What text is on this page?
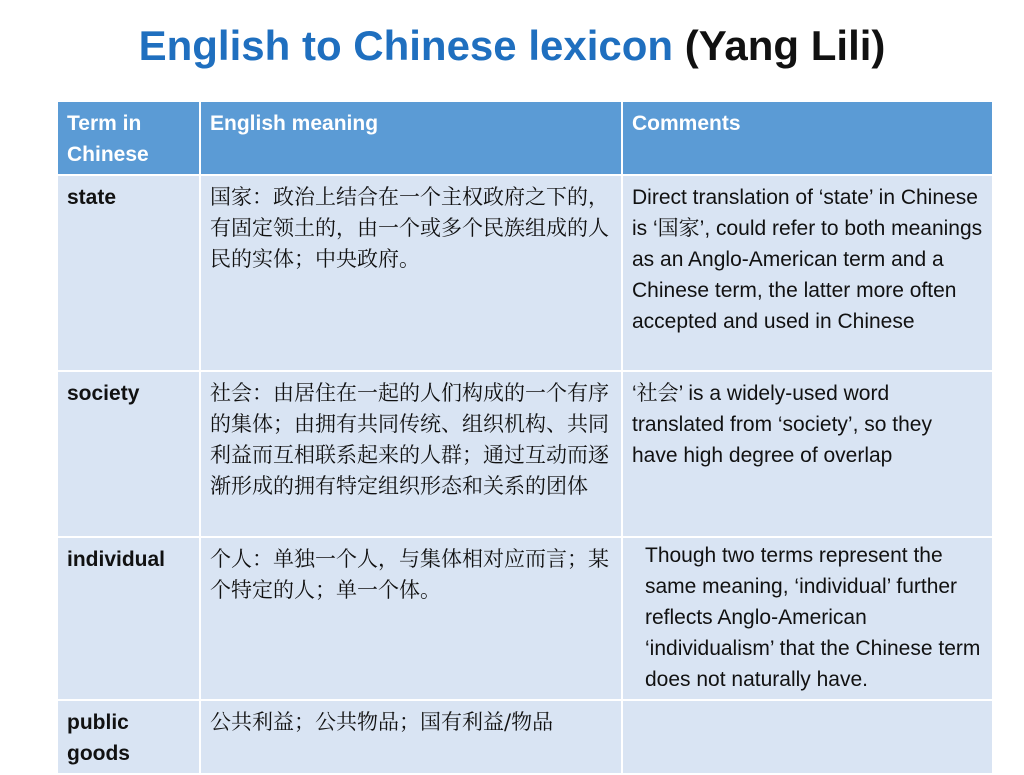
English to Chinese lexicon (Yang Lili)
Term in Chinese	English meaning	Comments
state	国家：政治上结合在一个主权政府之下的，有固定领土的，由一个或多个民族组成的人民的实体；中央政府。	Direct translation of ‘state’ in Chinese is ‘国家’, could refer to both meanings as an Anglo-American term and a Chinese term, the latter more often accepted and used in Chinese
society	社会：由居住在一起的人们构成的一个有序的集体；由拥有共同传统、组织机构、共同利益而互相联系起来的人群；通过互动而逐渐形成的拥有特定组织形态和关系的团体	‘社会’ is a widely-used word translated from ‘society’, so they have high degree of overlap
individual	个人：单独一个人，与集体相对应而言；某个特定的人；单一个体。	Though two terms represent the same meaning, ‘individual’ further reflects Anglo-American ‘individualism’ that the Chinese term does not naturally have.
public goods	公共利益；公共物品；国有利益/物品	
